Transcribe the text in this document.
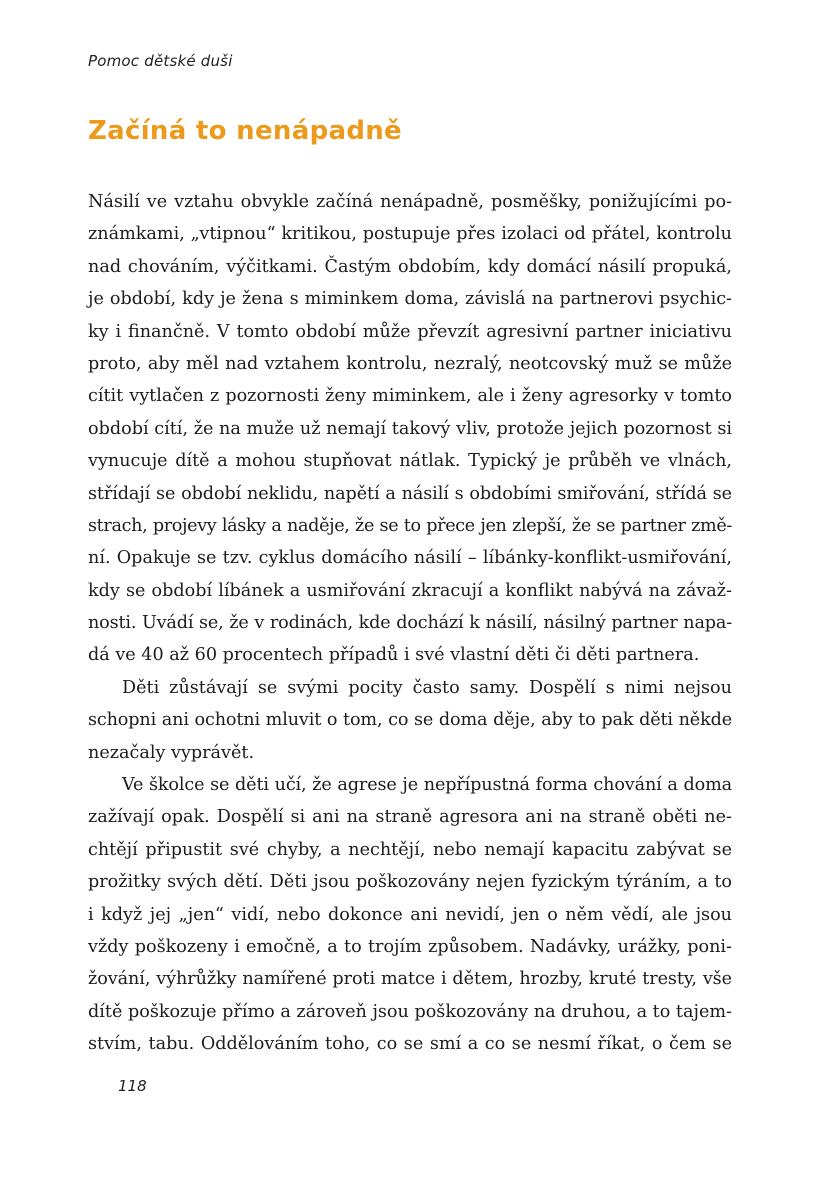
Pomoc dětské duši
Začíná to nenápadně
Násilí ve vztahu obvykle začíná nenápadně, posměšky, ponižujícími po-
známkami, „vtipnou“ kritikou, postupuje přes izolaci od přátel, kontrolu
nad chováním, výčitkami. Častým obdobím, kdy domácí násilí propuká,
je období, kdy je žena s miminkem doma, závislá na partnerovi psychic-
ky i finančně. V tomto období může převzít agresivní partner iniciativu
proto, aby měl nad vztahem kontrolu, nezralý, neotcovský muž se může
cítit vytlačen z pozornosti ženy miminkem, ale i ženy agresorky v tomto
období cítí, že na muže už nemají takový vliv, protože jejich pozornost si
vynucuje dítě a mohou stupňovat nátlak. Typický je průběh ve vlnách,
střídají se období neklidu, napětí a násilí s obdobími smiřování, střídá se
strach, projevy lásky a naděje, že se to přece jen zlepší, že se partner změ-
ní. Opakuje se tzv. cyklus domácího násilí – líbánky-konflikt-usmiřování,
kdy se období líbánek a usmiřování zkracují a konflikt nabývá na závaž-
nosti. Uvádí se, že v rodinách, kde dochází k násilí, násilný partner napa-
dá ve 40 až 60 procentech případů i své vlastní děti či děti partnera.
Děti zůstávají se svými pocity často samy. Dospělí s nimi nejsou
schopni ani ochotni mluvit o tom, co se doma děje, aby to pak děti někde
nezačaly vyprávět.
Ve školce se děti učí, že agrese je nepřípustná forma chování a doma
zažívají opak. Dospělí si ani na straně agresora ani na straně oběti ne-
chtějí připustit své chyby, a nechtějí, nebo nemají kapacitu zabývat se
prožitky svých dětí. Děti jsou poškozovány nejen fyzickým týráním, a to
i když jej „jen“ vidí, nebo dokonce ani nevidí, jen o něm vědí, ale jsou
vždy poškozeny i emočně, a to trojím způsobem. Nadávky, urážky, poni-
žování, výhrůžky namířené proti matce i dětem, hrozby, kruté tresty, vše
dítě poškozuje přímo a zároveň jsou poškozovány na druhou, a to tajem-
stvím, tabu. Oddělováním toho, co se smí a co se nesmí říkat, o čem se
118
